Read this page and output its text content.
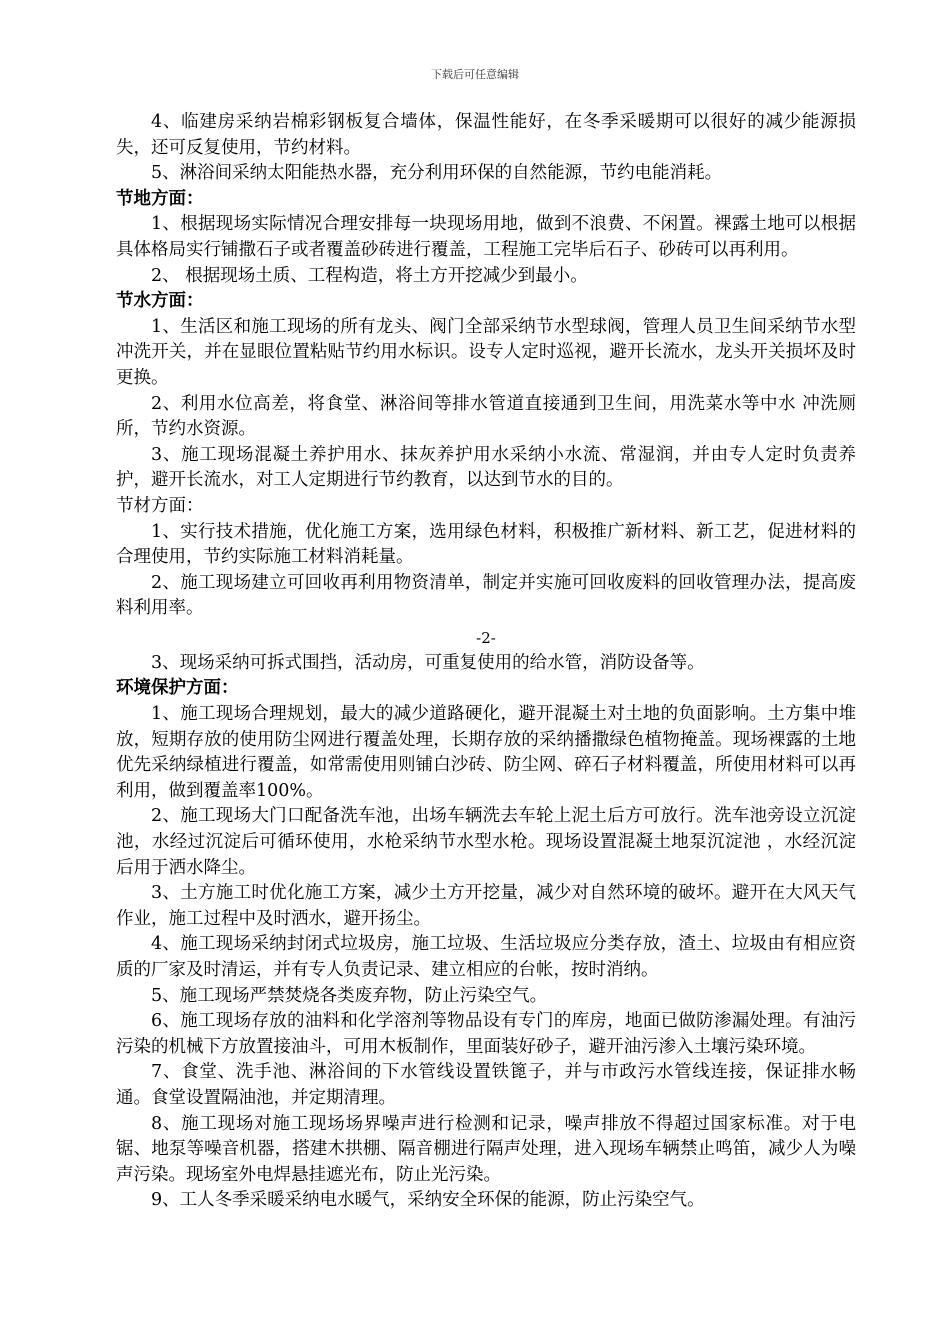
下载后可任意编辑

4、临建房采纳岩棉彩钢板复合墙体，保温性能好，在冬季采暖期可以很好的减少能源损失，还可反复使用，节约材料。

5、淋浴间采纳太阳能热水器，充分利用环保的自然能源，节约电能消耗。

节地方面：

1、根据现场实际情况合理安排每一块现场用地，做到不浪费、不闲置。裸露土地可以根据具体格局实行铺撒石子或者覆盖砂砖进行覆盖，工程施工完毕后石子、砂砖可以再利用。

2、 根据现场土质、工程构造，将土方开挖减少到最小。

节水方面：

1、生活区和施工现场的所有龙头、阀门全部采纳节水型球阀，管理人员卫生间采纳节水型冲洗开关，并在显眼位置粘贴节约用水标识。设专人定时巡视，避开长流水，龙头开关损坏及时更换。

2、利用水位高差，将食堂、淋浴间等排水管道直接通到卫生间，用洗菜水等中水 冲洗厕所，节约水资源。

3、施工现场混凝土养护用水、抹灰养护用水采纳小水流、常湿润，并由专人定时负责养护，避开长流水，对工人定期进行节约教育，以达到节水的目的。

节材方面：

1、实行技术措施，优化施工方案，选用绿色材料，积极推广新材料、新工艺，促进材料的合理使用，节约实际施工材料消耗量。

2、施工现场建立可回收再利用物资清单，制定并实施可回收废料的回收管理办法，提高废料利用率。

-2-

3、现场采纳可拆式围挡，活动房，可重复使用的给水管，消防设备等。

环境保护方面：

1、施工现场合理规划，最大的减少道路硬化，避开混凝土对土地的负面影响。土方集中堆放，短期存放的使用防尘网进行覆盖处理，长期存放的采纳播撒绿色植物掩盖。现场裸露的土地优先采纳绿植进行覆盖，如常需使用则铺白沙砖、防尘网、碎石子材料覆盖，所使用材料可以再利用，做到覆盖率100%。

2、施工现场大门口配备洗车池，出场车辆洗去车轮上泥土后方可放行。洗车池旁设立沉淀池，水经过沉淀后可循环使用，水枪采纳节水型水枪。现场设置混凝土地泵沉淀池 ，水经沉淀后用于洒水降尘。

3、土方施工时优化施工方案，减少土方开挖量，减少对自然环境的破坏。避开在大风天气作业，施工过程中及时洒水，避开扬尘。

4、施工现场采纳封闭式垃圾房，施工垃圾、生活垃圾应分类存放，渣土、垃圾由有相应资质的厂家及时清运，并有专人负责记录、建立相应的台帐，按时消纳。

5、施工现场严禁焚烧各类废弃物，防止污染空气。

6、施工现场存放的油料和化学溶剂等物品设有专门的库房，地面已做防渗漏处理。有油污污染的机械下方放置接油斗，可用木板制作，里面装好砂子，避开油污渗入土壤污染环境。

7、食堂、洗手池、淋浴间的下水管线设置铁篦子，并与市政污水管线连接，保证排水畅通。食堂设置隔油池，并定期清理。

8、施工现场对施工现场场界噪声进行检测和记录，噪声排放不得超过国家标准。对于电锯、地泵等噪音机器，搭建木拱棚、隔音棚进行隔声处理，进入现场车辆禁止鸣笛，减少人为噪声污染。现场室外电焊悬挂遮光布，防止光污染。

9、工人冬季采暖采纳电水暖气，采纳安全环保的能源，防止污染空气。
